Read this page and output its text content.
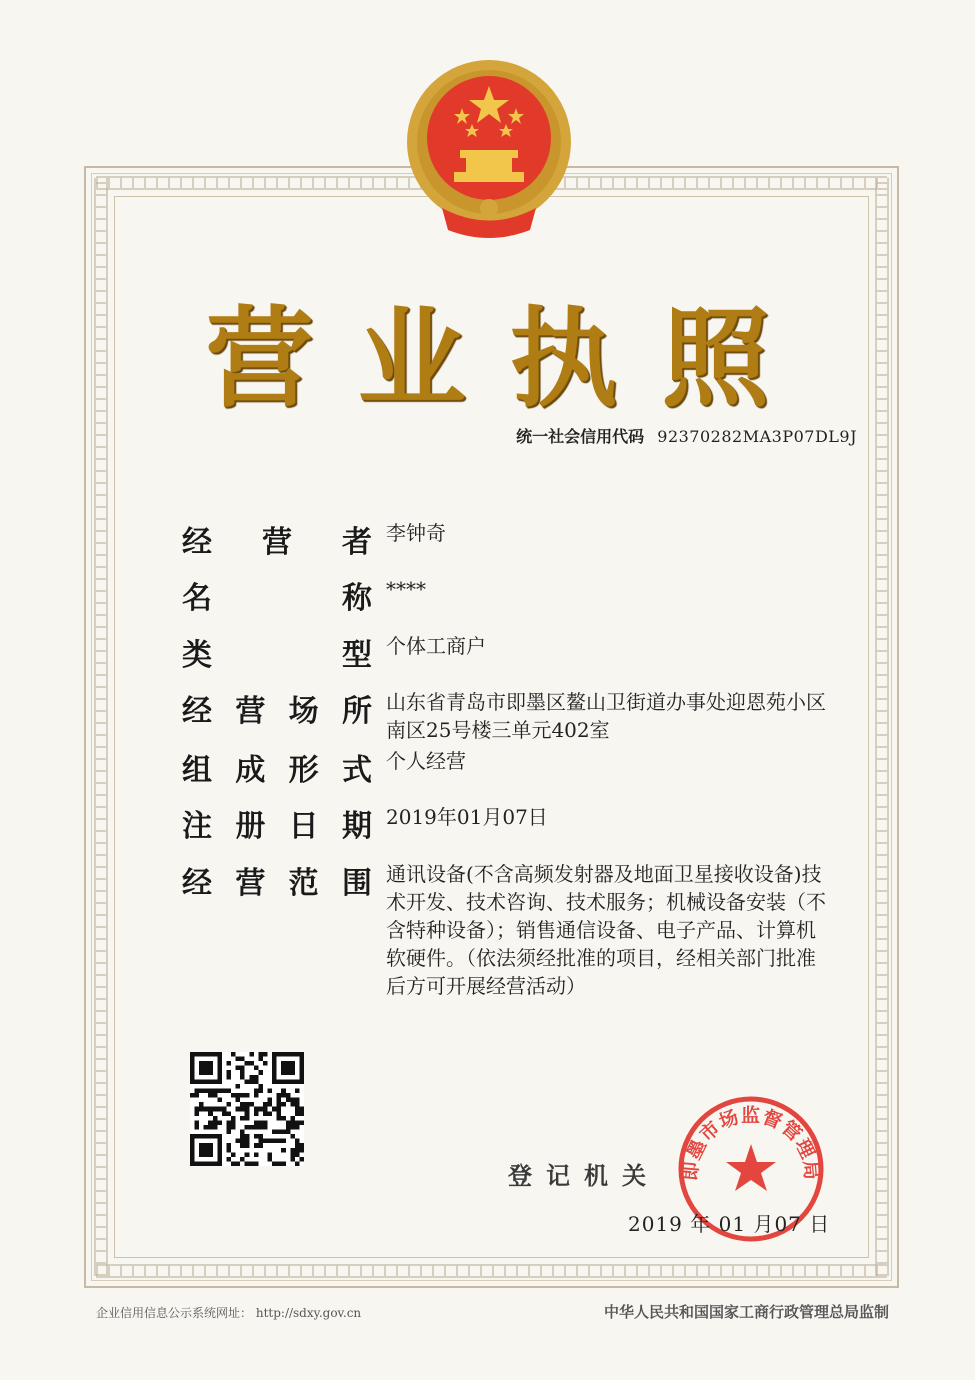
营业执照
统一社会信用代码 92370282MA3P07DL9J
经 营 者 李钟奇
名	称 ****
类	型 个体工商户
经 营 场 所 山东省青岛市即墨区鳌山卫街道办事处迎恩苑小区南区25号楼三单元402室
组 成 形 式 个人经营
注 册 日 期 2019年01月07日
经 营 范 围 通讯设备(不含高频发射器及地面卫星接收设备)技术开发、技术咨询、技术服务；机械设备安装（不含特种设备）；销售通信设备、电子产品、计算机软硬件。（依法须经批准的项目，经相关部门批准后方可开展经营活动）
登记机关 即墨市场监督管理局
2019 年 01 月07 日
企业信用信息公示系统网址： http://sdxy.gov.cn	中华人民共和国国家工商行政管理总局监制
